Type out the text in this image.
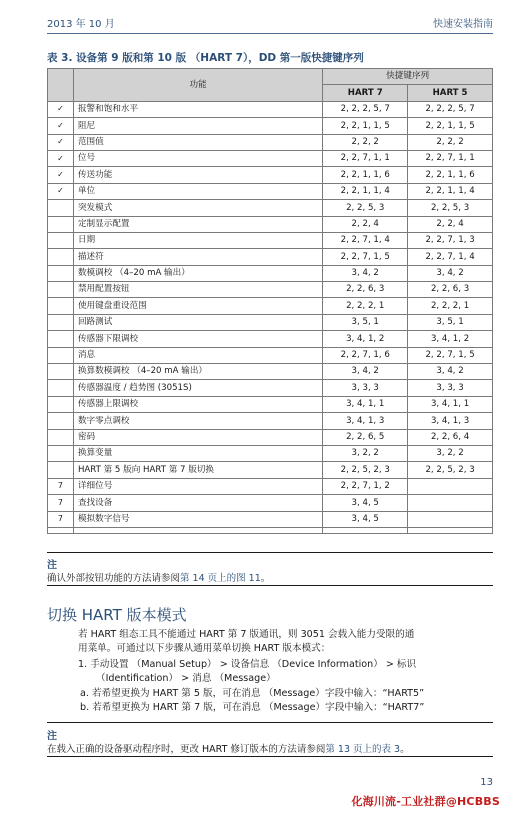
2013 年 10 月	快速安装指南
表 3. 设备第 9 版和第 10 版 （HART 7），DD 第一版快捷键序列
	功能	快捷键序列	
		HART 7	HART 5
✓	报警和饱和水平	2, 2, 2, 5, 7	2, 2, 2, 5, 7
✓	阻尼	2, 2, 1, 1, 5	2, 2, 1, 1, 5
✓	范围值	2, 2, 2	2, 2, 2
✓	位号	2, 2, 7, 1, 1	2, 2, 7, 1, 1
✓	传送功能	2, 2, 1, 1, 6	2, 2, 1, 1, 6
✓	单位	2, 2, 1, 1, 4	2, 2, 1, 1, 4
	突发模式	2, 2, 5, 3	2, 2, 5, 3
	定制显示配置	2, 2, 4	2, 2, 4
	日期	2, 2, 7, 1, 4	2, 2, 7, 1, 3
	描述符	2, 2, 7, 1, 5	2, 2, 7, 1, 4
	数模调校 （4–20 mA 输出）	3, 4, 2	3, 4, 2
	禁用配置按钮	2, 2, 6, 3	2, 2, 6, 3
	使用键盘重设范围	2, 2, 2, 1	2, 2, 2, 1
	回路测试	3, 5, 1	3, 5, 1
	传感器下限调校	3, 4, 1, 2	3, 4, 1, 2
	消息	2, 2, 7, 1, 6	2, 2, 7, 1, 5
	换算数模调校 （4–20 mA 输出）	3, 4, 2	3, 4, 2
	传感器温度 / 趋势图 (3051S)	3, 3, 3	3, 3, 3
	传感器上限调校	3, 4, 1, 1	3, 4, 1, 1
	数字零点调校	3, 4, 1, 3	3, 4, 1, 3
	密码	2, 2, 6, 5	2, 2, 6, 4
	换算变量	3, 2, 2	3, 2, 2
	HART 第 5 版向 HART 第 7 版切换	2, 2, 5, 2, 3	2, 2, 5, 2, 3
7	详细位号	2, 2, 7, 1, 2	
7	查找设备	3, 4, 5	
7	模拟数字信号	3, 4, 5	

注
确认外部按钮功能的方法请参阅第 14 页上的图 11。
切换 HART 版本模式
若 HART 组态工具不能通过 HART 第 7 版通讯，则 3051 会载入能力受限的通
用菜单。可通过以下步骤从通用菜单切换 HART 版本模式：
1. 手动设置 （Manual Setup） > 设备信息 （Device Information） > 标识
（Identification） > 消息 （Message）
a. 若希望更换为 HART 第 5 版，可在消息 （Message）字段中输入：“HART5”
b. 若希望更换为 HART 第 7 版，可在消息 （Message）字段中输入：“HART7”
注
在载入正确的设备驱动程序时，更改 HART 修订版本的方法请参阅第 13 页上的表 3。
13
化海川流-工业社群@HCBBS
